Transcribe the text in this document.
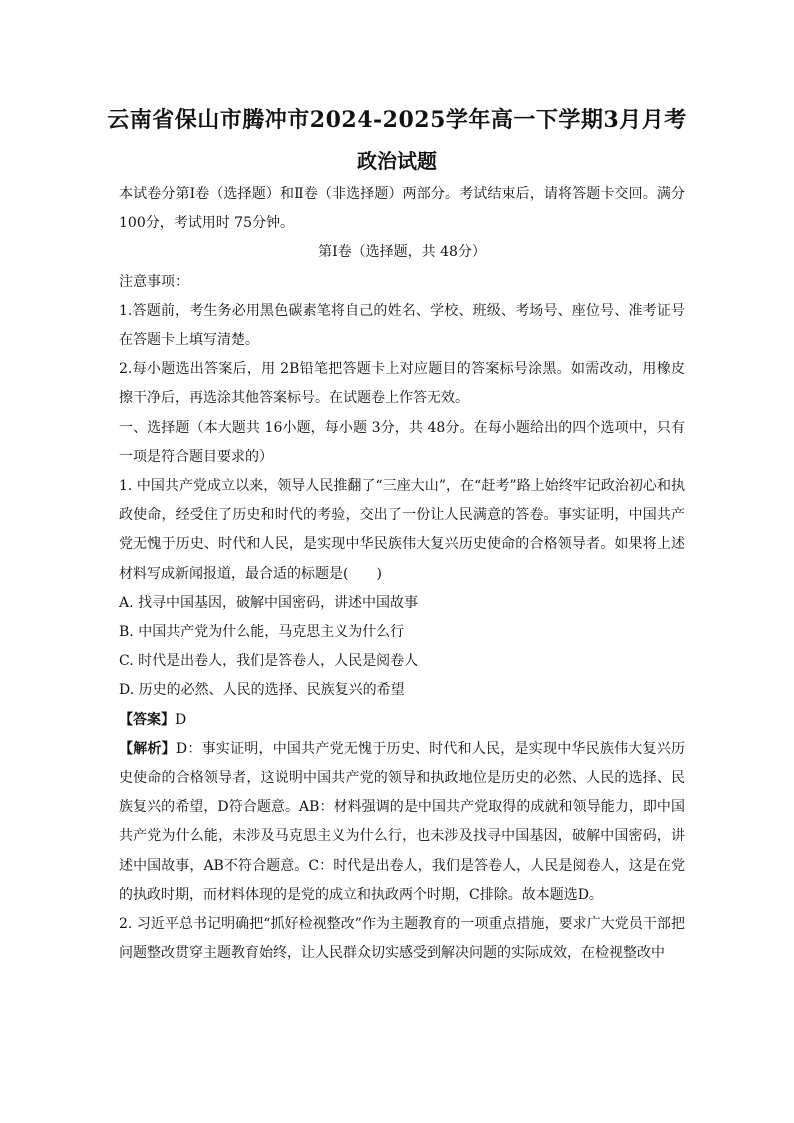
云南省保山市腾冲市2024-2025学年高一下学期3月月考
政治试题

本试卷分第Ⅰ卷（选择题）和Ⅱ卷（非选择题）两部分。考试结束后，请将答题卡交回。满分 100分，考试用时 75分钟。

第Ⅰ卷（选择题，共 48分）

注意事项：

1.答题前，考生务必用黑色碳素笔将自己的姓名、学校、班级、考场号、座位号、准考证号在答题卡上填写清楚。

2.每小题选出答案后，用 2B铅笔把答题卡上对应题目的答案标号涂黑。如需改动，用橡皮擦干净后，再选涂其他答案标号。在试题卷上作答无效。

一、选择题（本大题共 16小题，每小题 3分，共 48分。在每小题给出的四个选项中，只有一项是符合题目要求的）

1. 中国共产党成立以来，领导人民推翻了“三座大山”，在“赶考”路上始终牢记政治初心和执政使命，经受住了历史和时代的考验，交出了一份让人民满意的答卷。事实证明，中国共产党无愧于历史、时代和人民，是实现中华民族伟大复兴历史使命的合格领导者。如果将上述材料写成新闻报道，最合适的标题是(　　)

A. 找寻中国基因，破解中国密码，讲述中国故事

B. 中国共产党为什么能，马克思主义为什么行

C. 时代是出卷人，我们是答卷人，人民是阅卷人

D. 历史的必然、人民的选择、民族复兴的希望

【答案】D

【解析】D：事实证明，中国共产党无愧于历史、时代和人民，是实现中华民族伟大复兴历史使命的合格领导者，这说明中国共产党的领导和执政地位是历史的必然、人民的选择、民族复兴的希望，D符合题意。AB：材料强调的是中国共产党取得的成就和领导能力，即中国共产党为什么能，未涉及马克思主义为什么行，也未涉及找寻中国基因，破解中国密码，讲述中国故事，AB不符合题意。C：时代是出卷人，我们是答卷人，人民是阅卷人，这是在党的执政时期，而材料体现的是党的成立和执政两个时期，C排除。故本题选D。

2. 习近平总书记明确把“抓好检视整改”作为主题教育的一项重点措施，要求广大党员干部把问题整改贯穿主题教育始终，让人民群众切实感受到解决问题的实际成效，在检视整改中
